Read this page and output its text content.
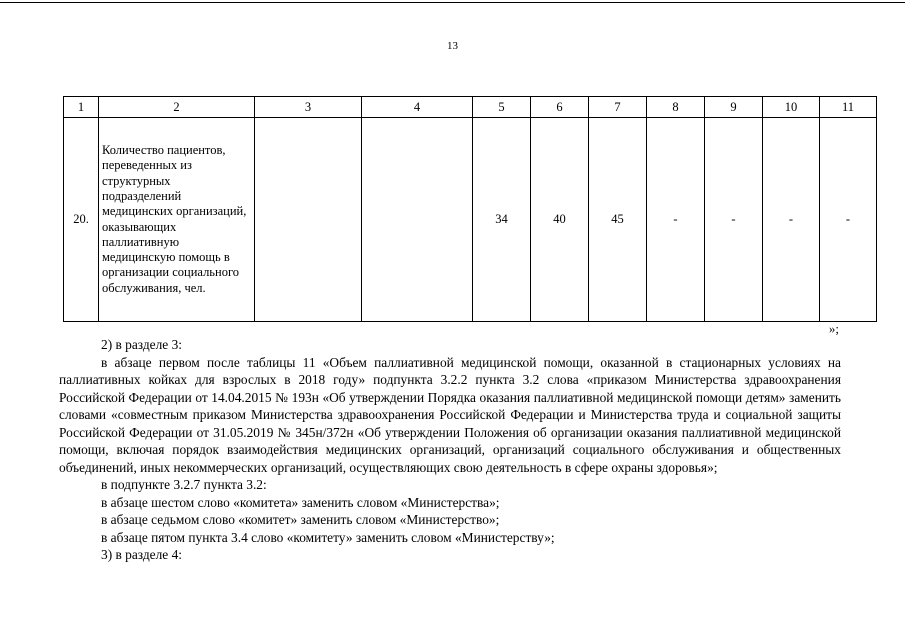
13
1	2	3	4	5	6	7	8	9	10	11
20.	Количество пациентов, переведенных из структурных подразделений медицинских организаций, оказывающих паллиативную медицинскую помощь в организации социального обслуживания, чел.			34	40	45	-	-	-	-
»;

2) в разделе 3:

в абзаце первом после таблицы 11 «Объем паллиативной медицинской помощи, оказанной в стационарных условиях на паллиативных койках для взрослых в 2018 году» подпункта 3.2.2 пункта 3.2 слова «приказом Министерства здравоохранения Российской Федерации от 14.04.2015 № 193н «Об утверждении Порядка оказания паллиативной медицинской помощи детям» заменить словами «совместным приказом Министерства здравоохранения Российской Федерации и Министерства труда и социальной защиты Российской Федерации от 31.05.2019 № 345н/372н «Об утверждении Положения об организации оказания паллиативной медицинской помощи, включая порядок взаимодействия медицинских организаций, организаций социального обслуживания и общественных объединений, иных некоммерческих организаций, осуществляющих свою деятельность в сфере охраны здоровья»;

в подпункте 3.2.7 пункта 3.2:

в абзаце шестом слово «комитета» заменить словом «Министерства»;

в абзаце седьмом слово «комитет» заменить словом «Министерство»;

в абзаце пятом пункта 3.4 слово «комитету» заменить словом «Министерству»;

3) в разделе 4:
